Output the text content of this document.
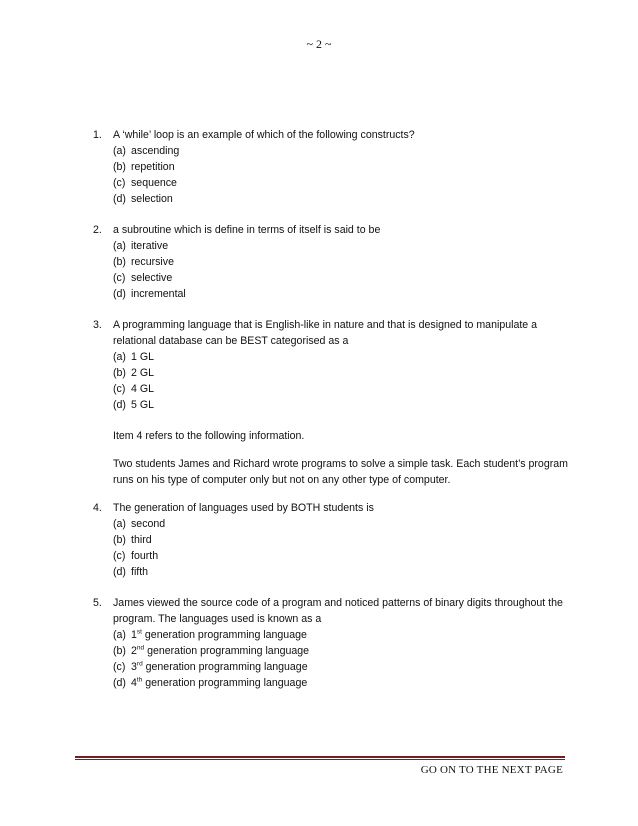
~ 2 ~
1.	A ‘while’ loop is an example of which of the following constructs?
(a) ascending
(b) repetition
(c) sequence
(d) selection
2.	a subroutine which is define in terms of itself is said to be
(a) iterative
(b) recursive
(c) selective
(d) incremental
3.	A programming language that is English-like in nature and that is designed to manipulate a relational database can be BEST categorised as a
(a) 1 GL
(b) 2 GL
(c) 4 GL
(d) 5 GL
Item 4 refers to the following information.
Two students James and Richard wrote programs to solve a simple task. Each student’s program runs on his type of computer only but not on any other type of computer.
4.	The generation of languages used by BOTH students is
(a) second
(b) third
(c) fourth
(d) fifth
5.	James viewed the source code of a program and noticed patterns of binary digits throughout the program. The languages used is known as a
(a) 1st generation programming language
(b) 2nd generation programming language
(c) 3rd generation programming language
(d) 4th generation programming language
GO ON TO THE NEXT PAGE
